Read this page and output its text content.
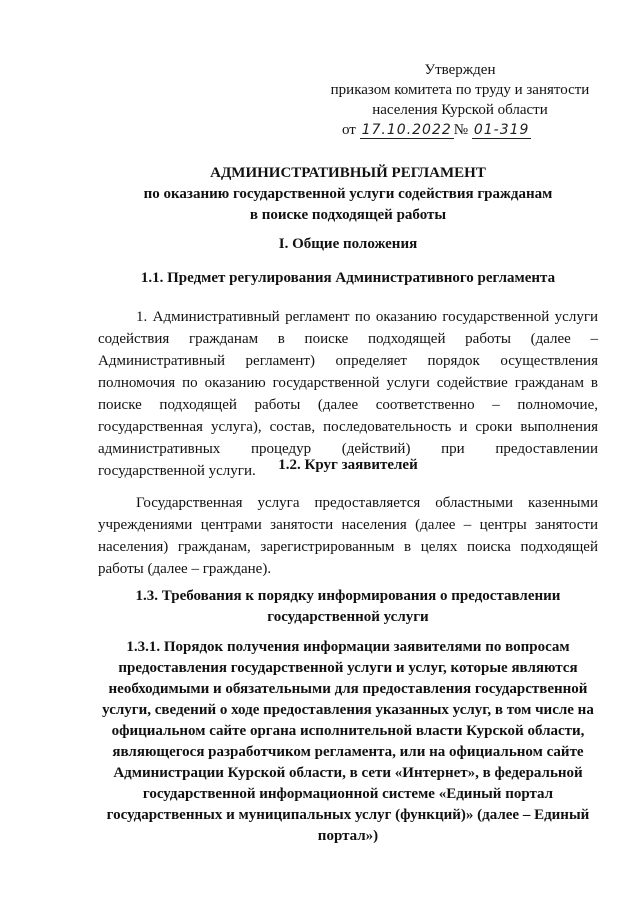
Утвержден
приказом комитета по труду и занятости
населения Курской области
от 17.10.2022 № 01-319
АДМИНИСТРАТИВНЫЙ РЕГЛАМЕНТ
по оказанию государственной услуги содействия гражданам
в поиске подходящей работы
I. Общие положения
1.1. Предмет регулирования Административного регламента
1. Административный регламент по оказанию государственной услуги содействия гражданам в поиске подходящей работы (далее – Административный регламент) определяет порядок осуществления полномочия по оказанию государственной услуги содействие гражданам в поиске подходящей работы (далее соответственно – полномочие, государственная услуга), состав, последовательность и сроки выполнения административных процедур (действий) при предоставлении государственной услуги.	1.2. Круг заявителей
Государственная услуга предоставляется областными казенными учреждениями центрами занятости населения (далее – центры занятости населения) гражданам, зарегистрированным в целях поиска подходящей работы (далее – граждане).
1.3. Требования к порядку информирования о предоставлении
государственной услуги
1.3.1. Порядок получения информации заявителями по вопросам предоставления государственной услуги и услуг, которые являются необходимыми и обязательными для предоставления государственной услуги, сведений о ходе предоставления указанных услуг, в том числе на официальном сайте органа исполнительной власти Курской области, являющегося разработчиком регламента, или на официальном сайте Администрации Курской области, в сети «Интернет», в федеральной государственной информационной системе «Единый портал государственных и муниципальных услуг (функций)» (далее – Единый портал»)
